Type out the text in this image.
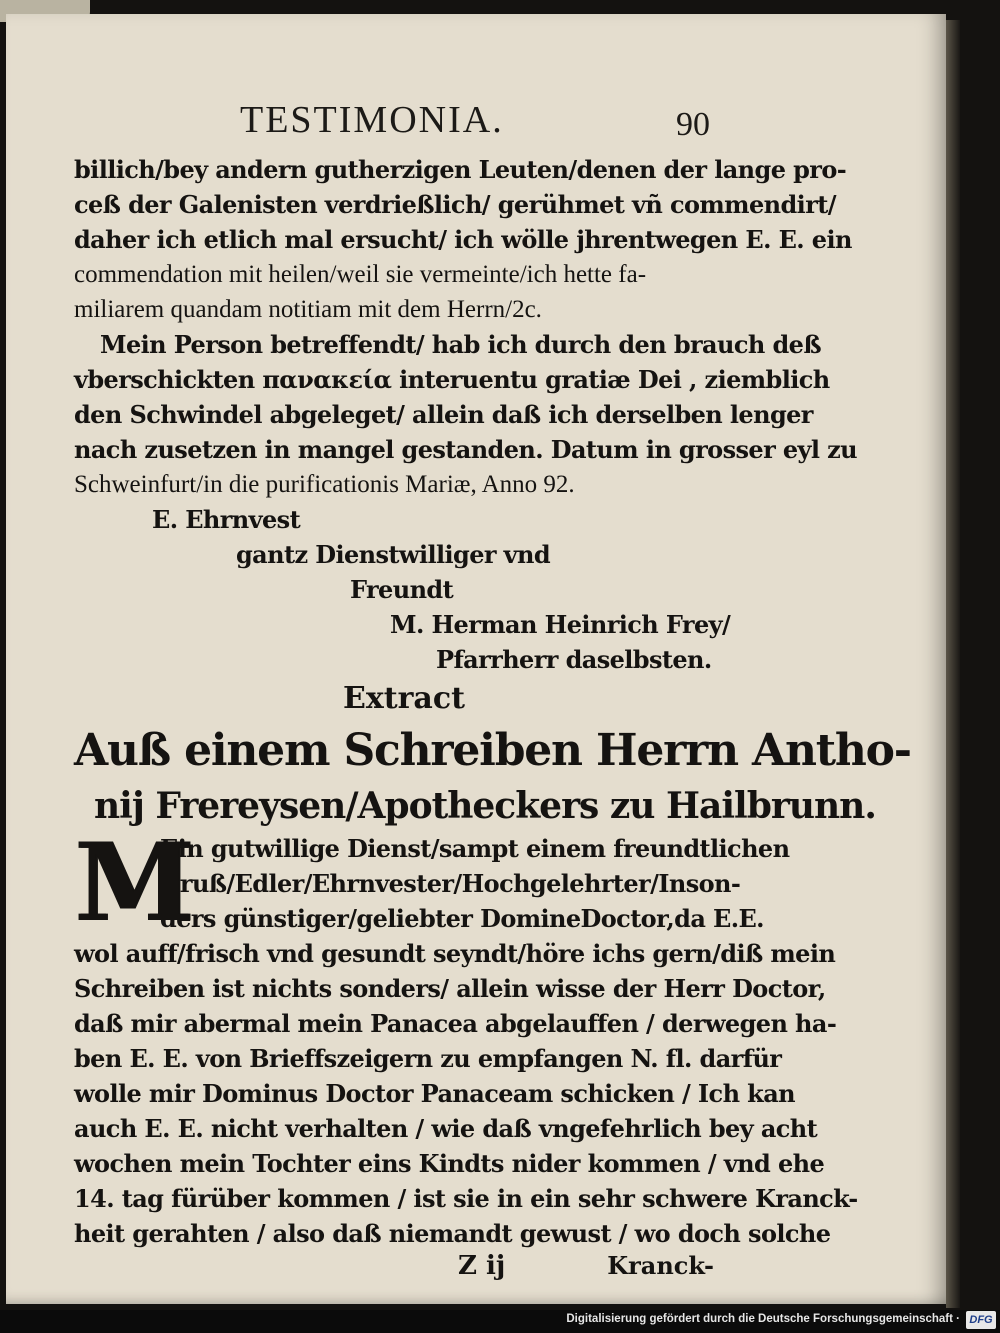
TESTIMONIA.	90
billich/bey andern gutherzigen Leuten/denen der lange pro-
ceß der Galenisten verdrießlich/ gerühmet vñ commendirt/
daher ich etlich mal ersucht/ ich wölle jhrentwegen E. E. ein
commendation mit heilen/weil sie vermeinte/ich hette fa-
miliarem quandam notitiam mit dem Herrn/2c.
Mein Person betreffendt/ hab ich durch den brauch deß
vberschickten πανακεία interuentu gratiæ Dei , ziemblich
den Schwindel abgeleget/ allein daß ich derselben lenger
nach zusetzen in mangel gestanden. Datum in grosser eyl zu
Schweinfurt/in die purificationis Mariæ, Anno 92.
E. Ehrnvest
gantz Dienstwilliger vnd
Freundt
M. Herman Heinrich Frey/
Pfarrherr daselbsten.
Extract
Auß einem Schreiben Herrn Antho-
nij Frereysen/Apotheckers zu Hailbrunn.
M
Ein gutwillige Dienst/sampt einem freundtlichen
Gruß/Edler/Ehrnvester/Hochgelehrter/Inson-
ders günstiger/geliebter DomineDoctor,da E.E.
wol auff/frisch vnd gesundt seyndt/höre ichs gern/diß mein
Schreiben ist nichts sonders/ allein wisse der Herr Doctor,
daß mir abermal mein Panacea abgelauffen / derwegen ha-
ben E. E. von Brieffszeigern zu empfangen N. fl. darfür
wolle mir Dominus Doctor Panaceam schicken / Ich kan
auch E. E. nicht verhalten / wie daß vngefehrlich bey acht
wochen mein Tochter eins Kindts nider kommen / vnd ehe
14. tag fürüber kommen / ist sie in ein sehr schwere Kranck-
heit gerahten / also daß niemandt gewust / wo doch solche
Z ij	Kranck-
Digitalisierung gefördert durch die Deutsche Forschungsgemeinschaft · DFG
